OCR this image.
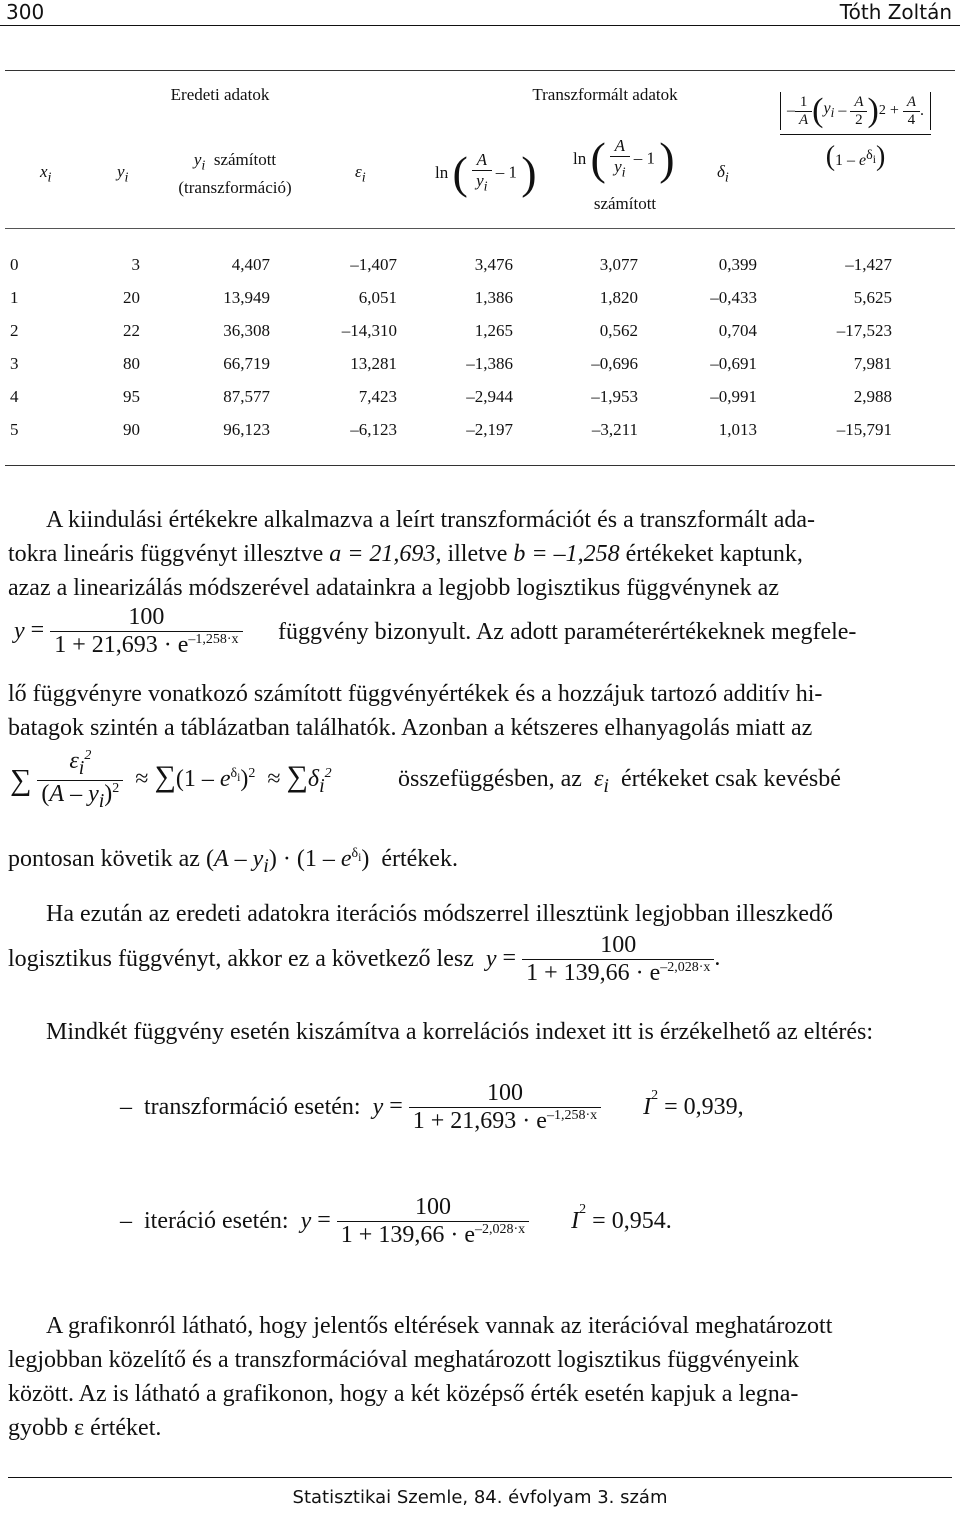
300	Tóth Zoltán
Eredeti adatok	Transzformált adatok
$x_i$	$y_i$
$y_i$  számított
(transzformáció)
$\varepsilon_i$	ln ( $\frac{A}{y_i} - 1$ ) ln ( $\frac{A}{y_i} - 1$ )
számított
$\delta_i$
– $\frac{1}{A}$ ( $y_i - \frac{A}{2}$ ) $2 + \frac{A}{4}$ .
$(1 - e^{\delta_i})$
0	3	4,407	–1,407	3,476	3,077	0,399	–1,427
1	20	13,949	6,051	1,386	1,820	–0,433	5,625
2	22	36,308	–14,310	1,265	0,562	0,704	–17,523
3	80	66,719	13,281	–1,386	–0,696	–0,691	7,981
4	95	87,577	7,423	–2,944	–1,953	–0,991	2,988
5	90	96,123	–6,123	–2,197	–3,211	1,013	–15,791
A kiindulási értékekre alkalmazva a leírt transzformációt és a transzformált ada-
tokra lineáris függvényt illesztve a = 21,693, illetve b = –1,258 értékeket kaptunk,
azaz a linearizálás módszerével adatainkra a legjobb logisztikus függvénynek az
$y = \frac{100}{1 + 21,693 \cdot e^{-1,258\cdot x}}$ függvény bizonyult. Az adott paraméterértékeknek megfele-
lő függvényre vonatkozó számított függvényértékek és a hozzájuk tartozó additív hi-
batagok szintén a táblázatban találhatók. Azonban a kétszeres elhanyagolás miatt az
∑ $\frac{\varepsilon_i^2}{(A - y_i)^2} \approx \sum(1 - e^{\delta_i})^2 \approx \sum\delta_i^2$	összefüggésben, az $\varepsilon_i$ értékeket csak kevésbé
pontosan követik az $(A - y_i) \cdot (1 - e^{\delta_i})$  értékek.
Ha ezután az eredeti adatokra iterációs módszerrel illesztünk legjobban illeszkedő
logisztikus függvényt, akkor ez a következő lesz $y = \frac{100}{1 + 139,66 \cdot e^{-2,028\cdot x}}$ .
Mindkét függvény esetén kiszámítva a korrelációs indexet itt is érzékelhető az eltérés:
–  transzformáció esetén: $y = \frac{100}{1 + 21,693 \cdot e^{-1,258\cdot x}} I^2 = 0,939$,
–  iteráció esetén: $y = \frac{100}{1 + 139,66 \cdot e^{-2,028\cdot x}} I^2 = 0,954$.
A grafikonról látható, hogy jelentős eltérések vannak az iterációval meghatározott
legjobban közelítő és a transzformációval meghatározott logisztikus függvényeink
között. Az is látható a grafikonon, hogy a két középső érték esetén kapjuk a legna-
gyobb ε értéket.
Statisztikai Szemle, 84. évfolyam 3. szám
